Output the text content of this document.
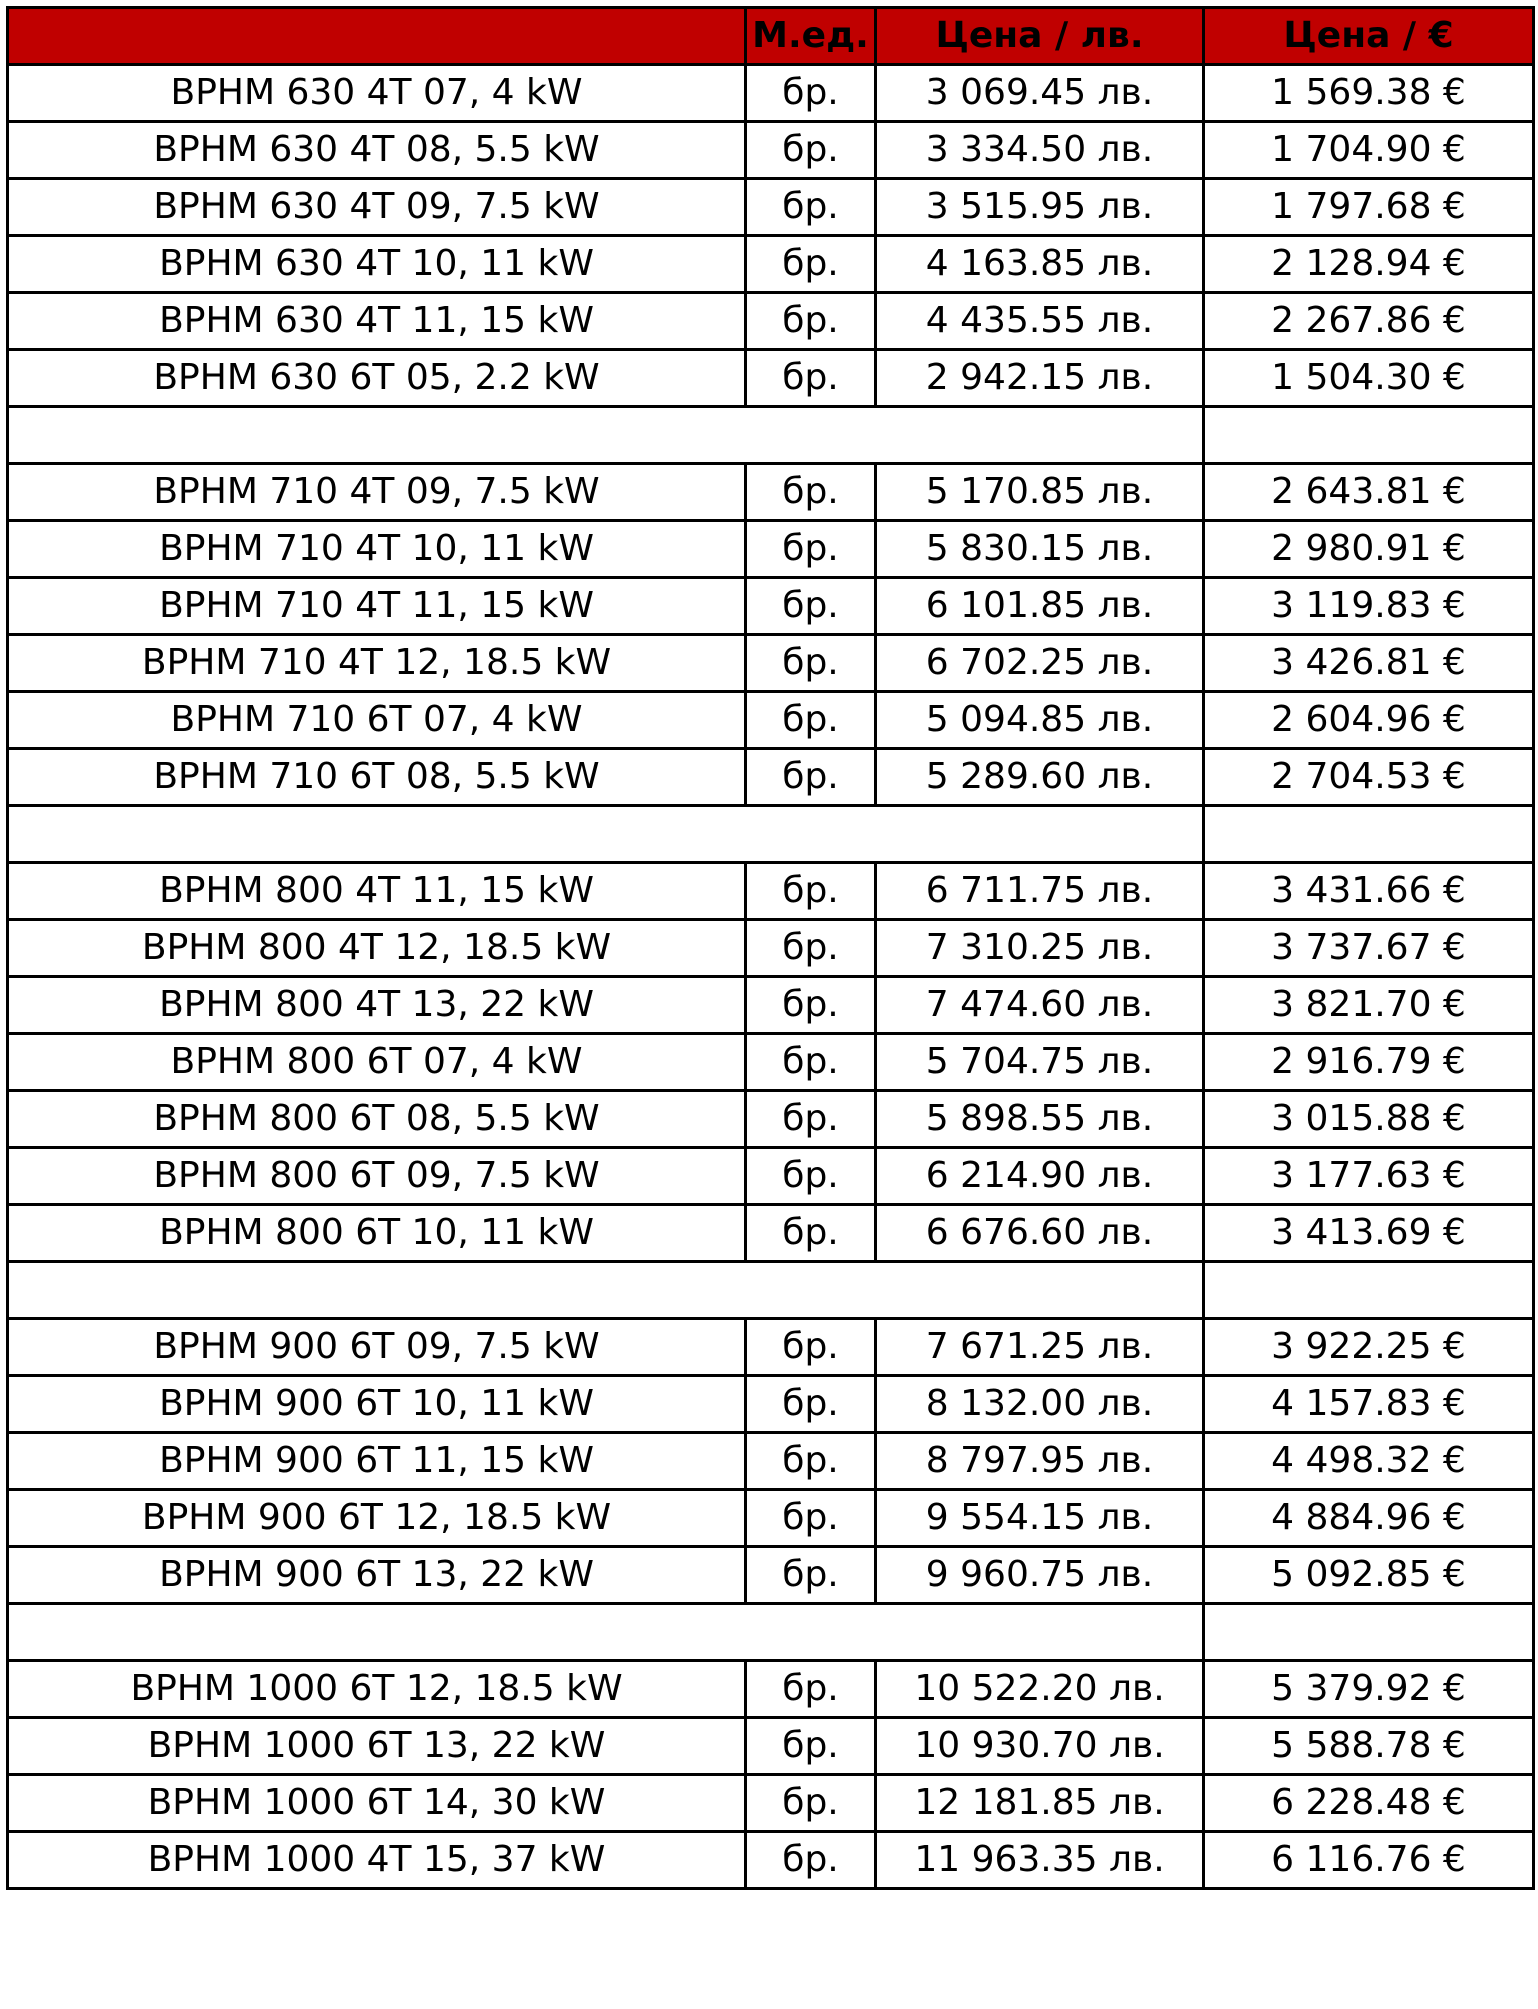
	М.ед.	Цена / лв.	Цена / €
ВРНМ 630 4Т 07, 4 kW	бр.	3 069.45 лв.	1 569.38 €
ВРНМ 630 4Т 08, 5.5 kW	бр.	3 334.50 лв.	1 704.90 €
ВРНМ 630 4Т 09, 7.5 kW	бр.	3 515.95 лв.	1 797.68 €
ВРНМ 630 4Т 10, 11 kW	бр.	4 163.85 лв.	2 128.94 €
ВРНМ 630 4Т 11, 15 kW	бр.	4 435.55 лв.	2 267.86 €
ВРНМ 630 6Т 05, 2.2 kW	бр.	2 942.15 лв.	1 504.30 €

ВРНМ 710 4Т 09, 7.5 kW	бр.	5 170.85 лв.	2 643.81 €
ВРНМ 710 4Т 10, 11 kW	бр.	5 830.15 лв.	2 980.91 €
ВРНМ 710 4Т 11, 15 kW	бр.	6 101.85 лв.	3 119.83 €
ВРНМ 710 4Т 12, 18.5 kW	бр.	6 702.25 лв.	3 426.81 €
ВРНМ 710 6Т 07, 4 kW	бр.	5 094.85 лв.	2 604.96 €
ВРНМ 710 6Т 08, 5.5 kW	бр.	5 289.60 лв.	2 704.53 €

ВРНМ 800 4Т 11, 15 kW	бр.	6 711.75 лв.	3 431.66 €
ВРНМ 800 4Т 12, 18.5 kW	бр.	7 310.25 лв.	3 737.67 €
ВРНМ 800 4Т 13, 22 kW	бр.	7 474.60 лв.	3 821.70 €
ВРНМ 800 6Т 07, 4 kW	бр.	5 704.75 лв.	2 916.79 €
ВРНМ 800 6Т 08, 5.5 kW	бр.	5 898.55 лв.	3 015.88 €
ВРНМ 800 6Т 09, 7.5 kW	бр.	6 214.90 лв.	3 177.63 €
ВРНМ 800 6Т 10, 11 kW	бр.	6 676.60 лв.	3 413.69 €

ВРНМ 900 6Т 09, 7.5 kW	бр.	7 671.25 лв.	3 922.25 €
ВРНМ 900 6Т 10, 11 kW	бр.	8 132.00 лв.	4 157.83 €
ВРНМ 900 6Т 11, 15 kW	бр.	8 797.95 лв.	4 498.32 €
ВРНМ 900 6Т 12, 18.5 kW	бр.	9 554.15 лв.	4 884.96 €
ВРНМ 900 6Т 13, 22 kW	бр.	9 960.75 лв.	5 092.85 €

ВРНМ 1000 6Т 12, 18.5 kW	бр.	10 522.20 лв.	5 379.92 €
ВРНМ 1000 6Т 13, 22 kW	бр.	10 930.70 лв.	5 588.78 €
ВРНМ 1000 6Т 14, 30 kW	бр.	12 181.85 лв.	6 228.48 €
ВРНМ 1000 4Т 15, 37 kW	бр.	11 963.35 лв.	6 116.76 €
